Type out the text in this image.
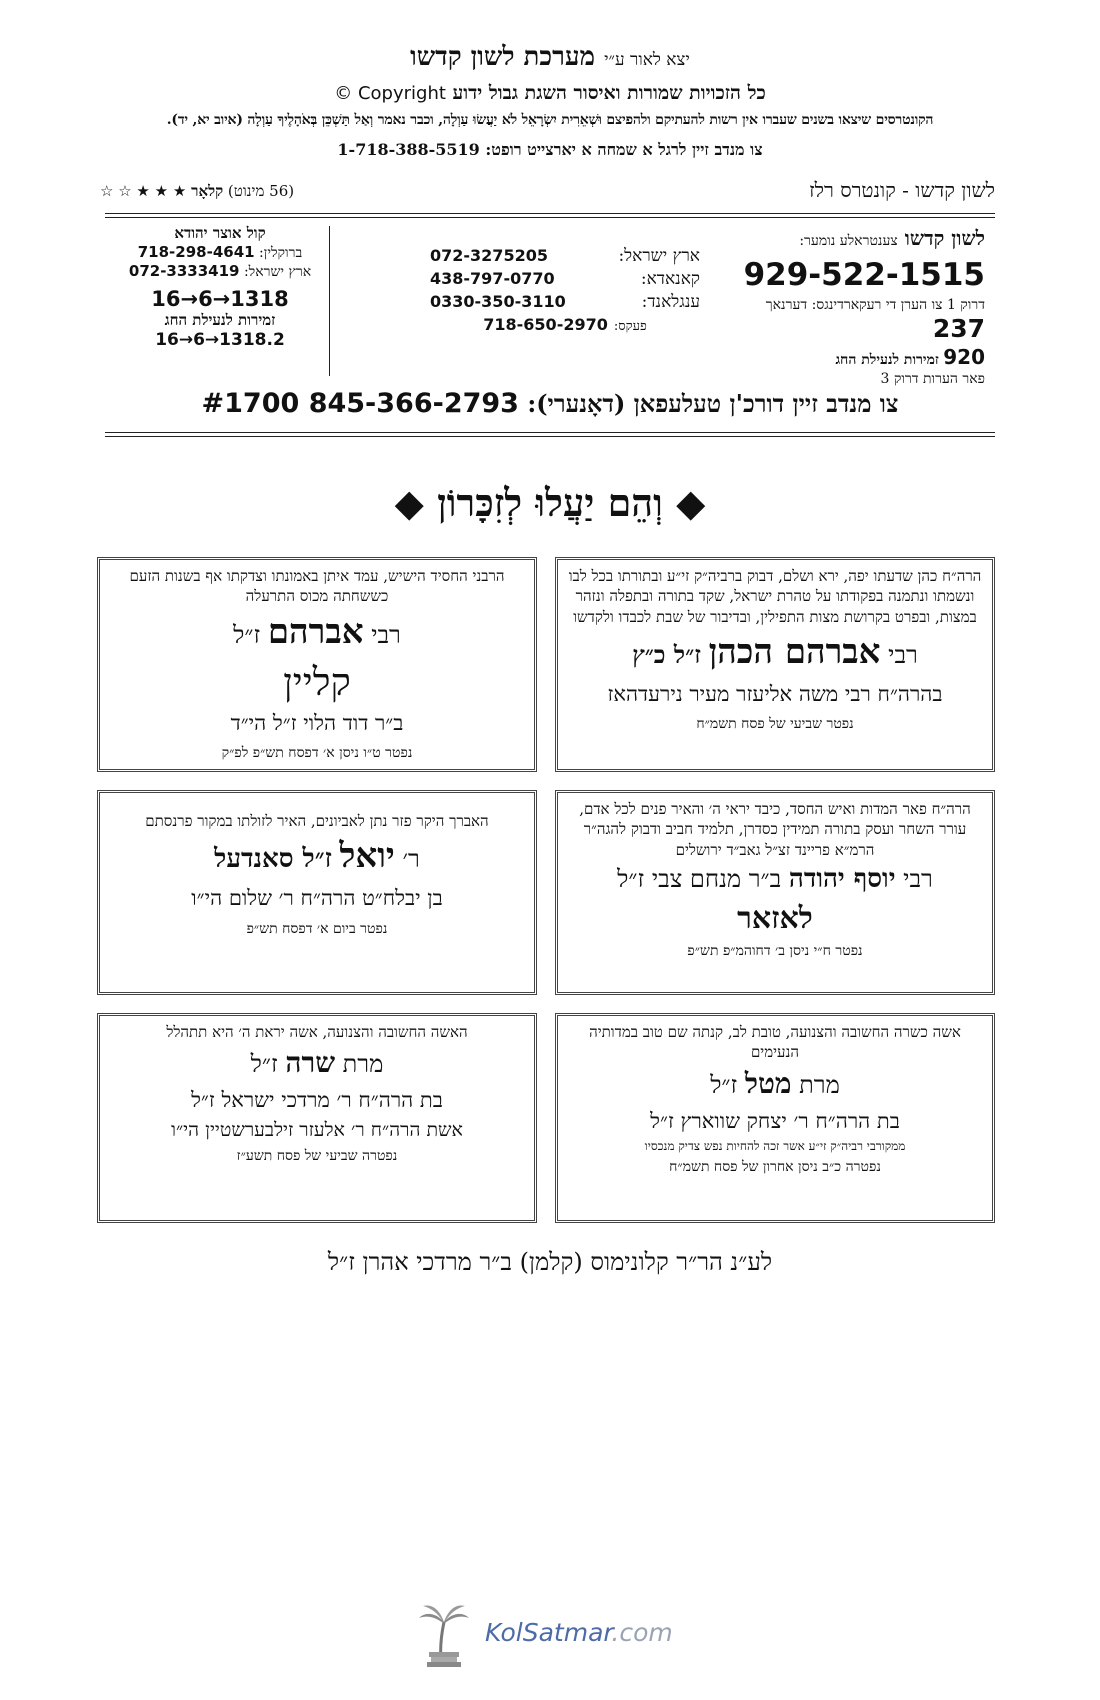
יצא לאור ע״י מערכת לשון קדשו
כל הזכויות שמורות ואיסור השגת גבול ידוע Copyright ©
הקונטרסים שיצאו בשנים שעברו אין רשות להעתיקם ולהפיצם וּשְׁאֵרִית יִשְׂרָאֵל לֹא יַעֲשׂוּ עַוְלָה, וכבר נאמר וְאַל תַּשְׁכֵּן בְּאֹהָלֶיךָ עַוְלָה (איוב יא, יד).
צו מנדב זיין לרגל א שמחה א יארצייט רופט: 1-718-388-5519
לשון קדשו - קונטרס רלז
(56 מינוט) קלאָר ★ ★ ★ ☆ ☆
לשון קדשו צענטראלע נומער:
929-522-1515
דרוק 1 צו הערן די רעקארדינגס: דערנאך 237
920 זמירות לנעילת החג
פאר הערות דרוק 3
ארץ ישראל:
072-3275205
קאנאדא:
438-797-0770
ענגלאנד:
0330-350-3110
פעקס:
718-650-2970
קול אוצר יהודא
ברוקלין: 718-298-4641
ארץ ישראל: 072-3333419
16→6→1318
זמירות לנעילת החג
16→6→1318.2
צו מנדב זיין דורכ'ן טעלעפאן (דאָנערי): 845-366-2793 #1700
◆ וְהֵם יַעֲלוּ לְזִכָּרוֹן ◆
הרה״ח כהן שדעתו יפה, ירא ושלם, דבוק ברביה״ק זי״ע ובתורתו בכל לבו ונשמתו ונתמנה בפקודתו על טהרת ישראל, שקד בתורה ובתפלה ונזהר במצות, ובפרט בקרושת מצות התפילין, ובדיבור של שבת לכבדו ולקדשו
רבי אברהם הכהן ז״ל כ״ץ
בהרה״ח רבי משה אליעזר מעיר נירעדהאז
נפטר שביעי של פסח תשמ״ח
הרבני החסיד הישיש, עמד איתן באמונתו וצדקתו אף בשנות הזעם כששחתה מכוס התרעלה
רבי אברהם ז״ל
קליין
ב״ר דוד הלוי ז״ל הי״ד
נפטר ט״ו ניסן א׳ דפסח תש״פ לפ״ק
הרה״ח פאר המדות ואיש החסד, כיבד יראי ה׳ והאיר פנים לכל אדם, עורר השחר ועסק בתורה תמידין כסדרן, תלמיד חביב ודבוק להגה״ר הרמ״א פריינד זצ״ל גאב״ד ירושלים
רבי יוסף יהודה ב״ר מנחם צבי ז״ל
לאזאר
נפטר ח״י ניסן ב׳ דחוהמ״פ תש״פ
האברך היקר פזר נתן לאביונים, האיר לזולתו במקור פרנסתם
ר׳ יואל ז״ל סאנדעל
בן יבלח״ט הרה״ח ר׳ שלום הי״ו
נפטר ביום א׳ דפסח תש״פ
אשה כשרה החשובה והצנועה, טובת לב, קנתה שם טוב במדותיה הנעימים
מרת מטל ז״ל
בת הרה״ח ר׳ יצחק שווארץ ז״ל
ממקורבי רביה״ק זי״ע אשר זכה להחיות נפש צדיק מנכסיו
נפטרה כ״ב ניסן אחרון של פסח תשמ״ח
האשה החשובה והצנועה, אשה יראת ה׳ היא תתהלל
מרת שרה ז״ל
בת הרה״ח ר׳ מרדכי ישראל ז״ל
אשת הרה״ח ר׳ אלעזר זילבערשטיין הי״ו
נפטרה שביעי של פסח תשע״ז
לע״נ הר״ר קלונימוס (קלמן) ב״ר מרדכי אהרן ז״ל
KolSatmar.com
